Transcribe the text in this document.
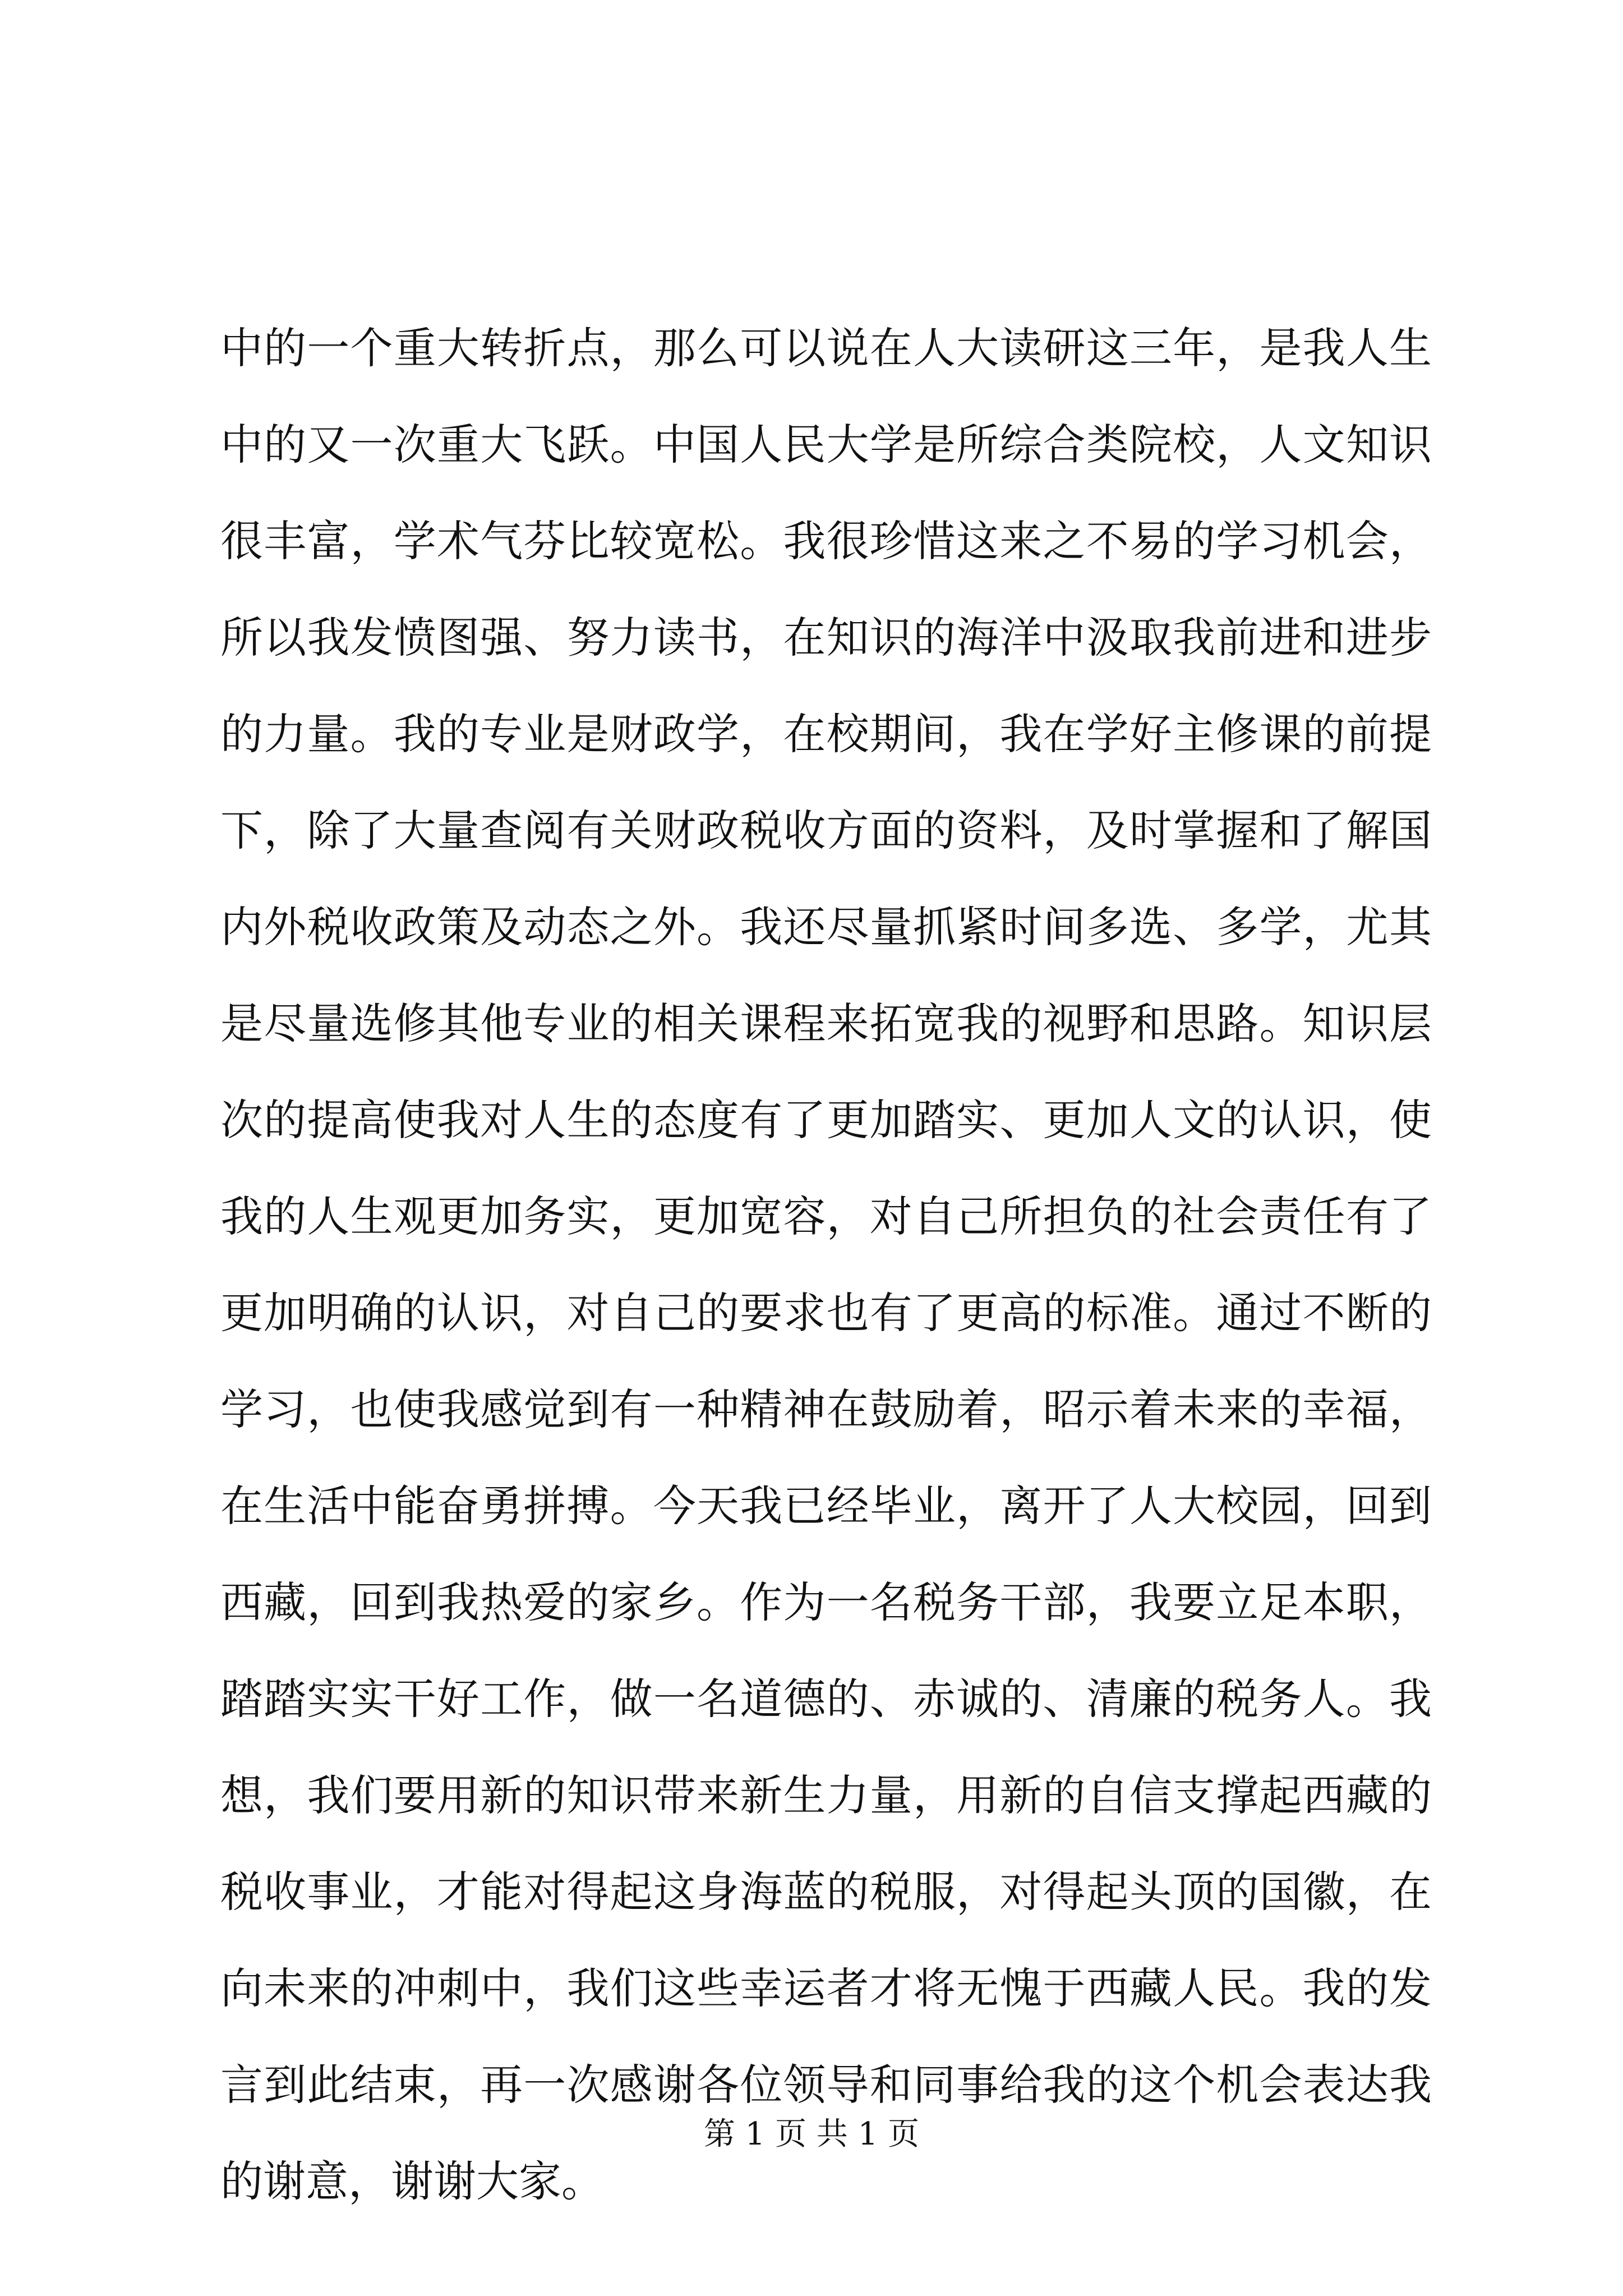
中的一个重大转折点，那么可以说在人大读研这三年，是我人生
中的又一次重大飞跃。中国人民大学是所综合类院校，人文知识
很丰富，学术气芬比较宽松。我很珍惜这来之不易的学习机会，
所以我发愤图强、努力读书，在知识的海洋中汲取我前进和进步
的力量。我的专业是财政学，在校期间，我在学好主修课的前提
下，除了大量查阅有关财政税收方面的资料，及时掌握和了解国
内外税收政策及动态之外。我还尽量抓紧时间多选、多学，尤其
是尽量选修其他专业的相关课程来拓宽我的视野和思路。知识层
次的提高使我对人生的态度有了更加踏实、更加人文的认识，使
我的人生观更加务实，更加宽容，对自己所担负的社会责任有了
更加明确的认识，对自己的要求也有了更高的标准。通过不断的
学习，也使我感觉到有一种精神在鼓励着，昭示着未来的幸福，
在生活中能奋勇拼搏。今天我已经毕业，离开了人大校园，回到
西藏，回到我热爱的家乡。作为一名税务干部，我要立足本职，
踏踏实实干好工作，做一名道德的、赤诚的、清廉的税务人。我
想，我们要用新的知识带来新生力量，用新的自信支撑起西藏的
税收事业，才能对得起这身海蓝的税服，对得起头顶的国徽，在
向未来的冲刺中，我们这些幸运者才将无愧于西藏人民。我的发
言到此结束，再一次感谢各位领导和同事给我的这个机会表达我
的谢意，谢谢大家。
第 1 页 共 1 页
